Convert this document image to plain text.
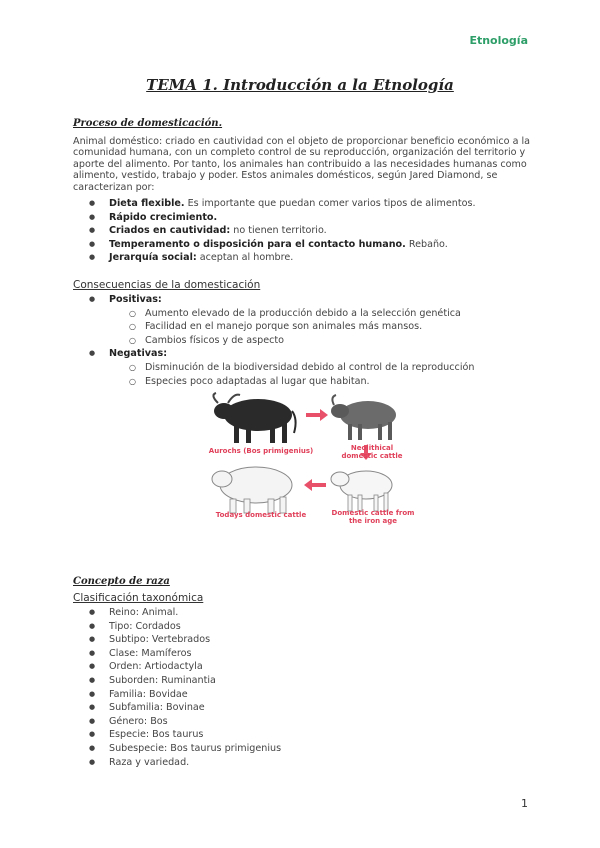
Etnología
TEMA 1. Introducción a la Etnología
Proceso de domesticación.
Animal doméstico: criado en cautividad con el objeto de proporcionar beneficio económico a la comunidad humana, con un completo control de su reproducción, organización del territorio y aporte del alimento. Por tanto, los animales han contribuido a las necesidades humanas como alimento, vestido, trabajo y poder. Estos animales domésticos, según Jared Diamond, se caracterizan por:
● Dieta flexible. Es importante que puedan comer varios tipos de alimentos.
● Rápido crecimiento.
● Criados en cautividad: no tienen territorio.
● Temperamento o disposición para el contacto humano. Rebaño.
● Jerarquía social: aceptan al hombre.
Consecuencias de la domesticación
● Positivas:
○ Aumento elevado de la producción debido a la selección genética
○ Facilidad en el manejo porque son animales más mansos.
○ Cambios físicos y de aspecto
● Negativas:
○ Disminución de la biodiversidad debido al control de la reproducción
○ Especies poco adaptadas al lugar que habitan.
Aurochs (Bos primigenius)	Neolithical domestic cattle
Todays domestic cattle	Domestic cattle from the iron age
Concepto de raza
Clasificación taxonómica
● Reino: Animal.
● Tipo: Cordados
● Subtipo: Vertebrados
● Clase: Mamíferos
● Orden: Artiodactyla
● Suborden: Ruminantia
● Familia: Bovidae
● Subfamilia: Bovinae
● Género: Bos
● Especie: Bos taurus
● Subespecie: Bos taurus primigenius
● Raza y variedad.
1
